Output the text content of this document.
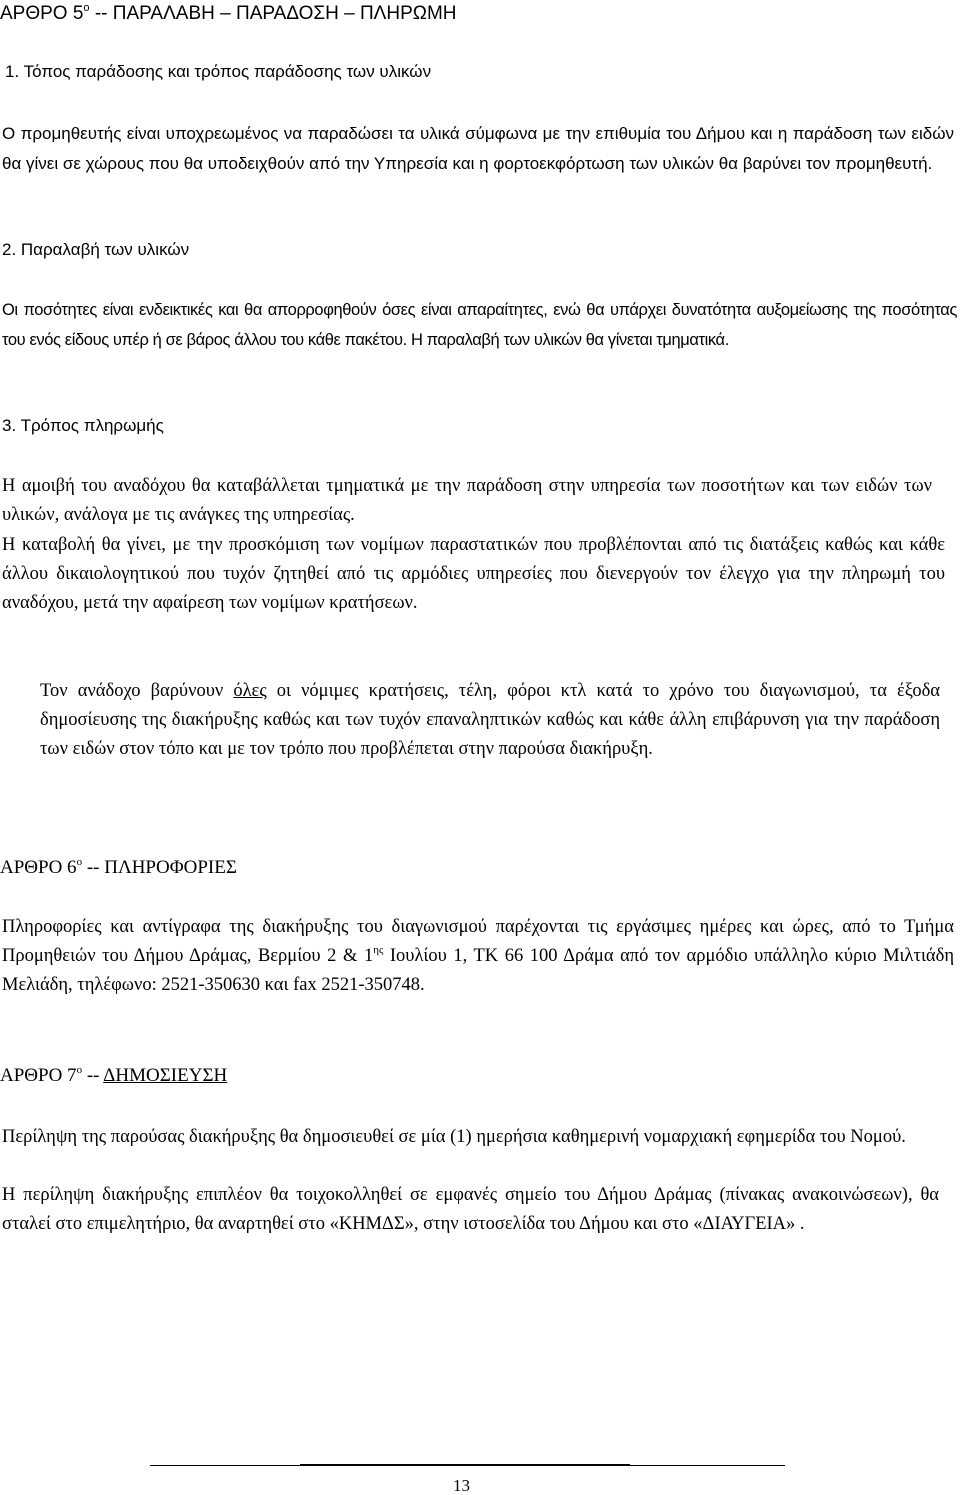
ΑΡΘΡΟ $5^o$ -- ΠΑΡΑΛΑΒΗ – ΠΑΡΑΔΟΣΗ – ΠΛΗΡΩΜΗ
1. Τόπος παράδοσης και τρόπος παράδοσης των υλικών
Ο προμηθευτής είναι υποχρεωμένος να παραδώσει τα υλικά σύμφωνα με την επιθυμία του Δήμου και η παράδοση των ειδών θα γίνει σε χώρους που θα υποδειχθούν από την Υπηρεσία και η φορτοεκφόρτωση των υλικών θα βαρύνει τον προμηθευτή.
2. Παραλαβή των υλικών
Οι ποσότητες είναι ενδεικτικές και θα απορροφηθούν όσες είναι απαραίτητες, ενώ θα υπάρχει δυνατότητα αυξομείωσης της ποσότητας του ενός είδους υπέρ ή σε βάρος άλλου του κάθε πακέτου. Η παραλαβή των υλικών θα γίνεται τμηματικά.
3. Τρόπος πληρωμής
Η αμοιβή του αναδόχου θα καταβάλλεται τμηματικά με την παράδοση στην υπηρεσία των ποσοτήτων και των ειδών των υλικών, ανάλογα με τις ανάγκες της υπηρεσίας.
Η καταβολή θα γίνει, με την προσκόμιση των νομίμων παραστατικών που προβλέπονται από τις διατάξεις καθώς και κάθε άλλου δικαιολογητικού που τυχόν ζητηθεί από τις αρμόδιες υπηρεσίες που διενεργούν τον έλεγχο για την πληρωμή του αναδόχου, μετά την αφαίρεση των νομίμων κρατήσεων.
Τον ανάδοχο βαρύνουν όλες οι νόμιμες κρατήσεις, τέλη, φόροι κτλ κατά το χρόνο του διαγωνισμού, τα έξοδα δημοσίευσης της διακήρυξης καθώς και των τυχόν επαναληπτικών καθώς και κάθε άλλη επιβάρυνση για την παράδοση των ειδών στον τόπο και με τον τρόπο που προβλέπεται στην παρούσα διακήρυξη.
ΑΡΘΡΟ $6^o$ -- ΠΛΗΡΟΦΟΡΙΕΣ
Πληροφορίες και αντίγραφα της διακήρυξης του διαγωνισμού παρέχονται τις εργάσιμες ημέρες και ώρες, από το Τμήμα Προμηθειών του Δήμου Δράμας, Βερμίου 2 & $1^{\eta\varsigma}$ Ιουλίου 1, ΤΚ 66 100 Δράμα από τον αρμόδιο υπάλληλο κύριο Μιλτιάδη Μελιάδη, τηλέφωνο: 2521-350630 και fax 2521-350748.
ΑΡΘΡΟ $7^o$ -- ΔΗΜΟΣΙΕΥΣΗ
Περίληψη της παρούσας διακήρυξης θα δημοσιευθεί σε μία (1) ημερήσια καθημερινή νομαρχιακή εφημερίδα του Νομού.
Η περίληψη διακήρυξης επιπλέον θα τοιχοκολληθεί σε εμφανές σημείο του Δήμου Δράμας (πίνακας ανακοινώσεων), θα σταλεί στο επιμελητήριο, θα αναρτηθεί στο «ΚΗΜΔΣ», στην ιστοσελίδα του Δήμου και στο «ΔΙΑΥΓΕΙΑ» .
13
